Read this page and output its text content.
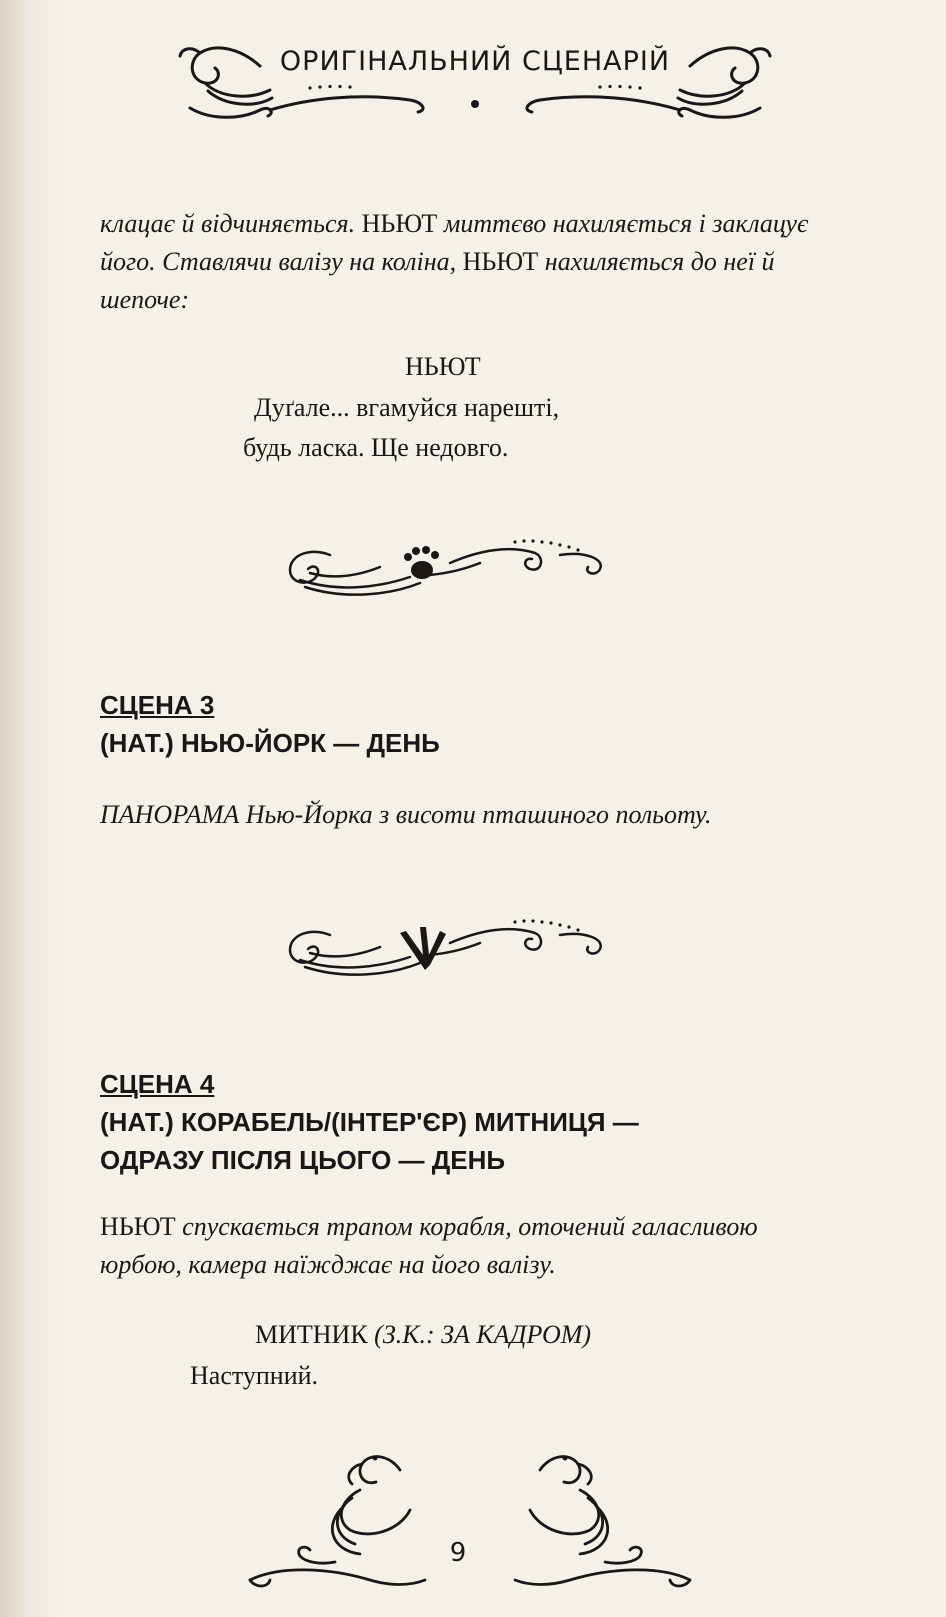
ОРИГІНАЛЬНИЙ СЦЕНАРІЙ

клацає й відчиняється. НЬЮТ миттєво нахиляється і заклацує його. Ставлячи валізу на коліна, НЬЮТ нахиляється до неї й шепоче:

НЬЮТ
Дуґале... вгамуйся нарешті,
будь ласка. Ще недовго.
СЦЕНА 3
(НАТ.) НЬЮ-ЙОРК — ДЕНЬ

ПАНОРАМА Нью-Йорка з висоти пташиного польоту.

СЦЕНА 4
(НАТ.) КОРАБЕЛЬ/(ІНТЕР'ЄР) МИТНИЦЯ —
ОДРАЗУ ПІСЛЯ ЦЬОГО — ДЕНЬ

НЬЮТ спускається трапом корабля, оточений галасливою юрбою, камера наїжджає на його валізу.

МИТНИК (З.К.: ЗА КАДРОМ)
Наступний.
9
